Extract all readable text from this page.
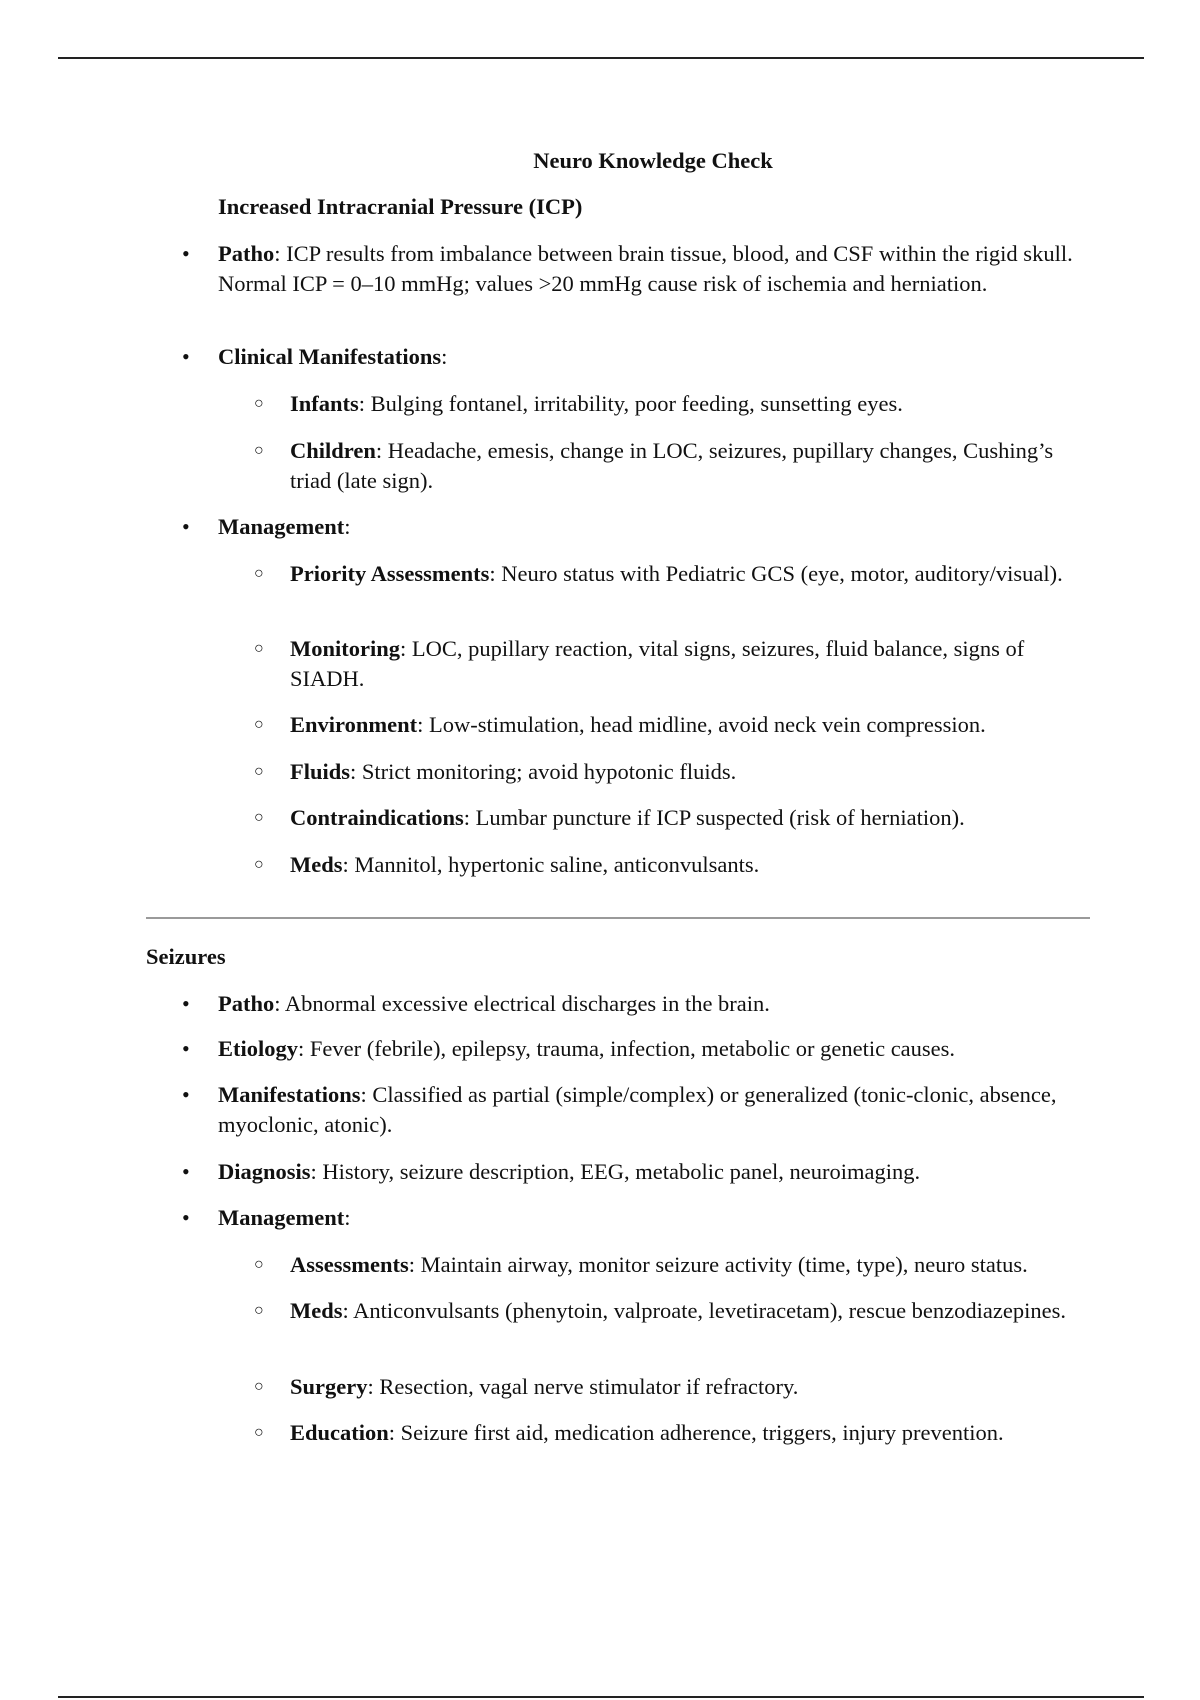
Neuro Knowledge Check
Increased Intracranial Pressure (ICP)
• Patho: ICP results from imbalance between brain tissue, blood, and CSF within the rigid skull. Normal ICP = 0–10 mmHg; values >20 mmHg cause risk of ischemia and herniation.
• Clinical Manifestations:
○ Infants: Bulging fontanel, irritability, poor feeding, sunsetting eyes.
○ Children: Headache, emesis, change in LOC, seizures, pupillary changes, Cushing’s triad (late sign).
• Management:
○ Priority Assessments: Neuro status with Pediatric GCS (eye, motor, auditory/visual).
○ Monitoring: LOC, pupillary reaction, vital signs, seizures, fluid balance, signs of SIADH.
○ Environment: Low-stimulation, head midline, avoid neck vein compression.
○ Fluids: Strict monitoring; avoid hypotonic fluids.
○ Contraindications: Lumbar puncture if ICP suspected (risk of herniation).
○ Meds: Mannitol, hypertonic saline, anticonvulsants.
Seizures
• Patho: Abnormal excessive electrical discharges in the brain.
• Etiology: Fever (febrile), epilepsy, trauma, infection, metabolic or genetic causes.
• Manifestations: Classified as partial (simple/complex) or generalized (tonic-clonic, absence, myoclonic, atonic).
• Diagnosis: History, seizure description, EEG, metabolic panel, neuroimaging.
• Management:
○ Assessments: Maintain airway, monitor seizure activity (time, type), neuro status.
○ Meds: Anticonvulsants (phenytoin, valproate, levetiracetam), rescue benzodiazepines.
○ Surgery: Resection, vagal nerve stimulator if refractory.
○ Education: Seizure first aid, medication adherence, triggers, injury prevention.
